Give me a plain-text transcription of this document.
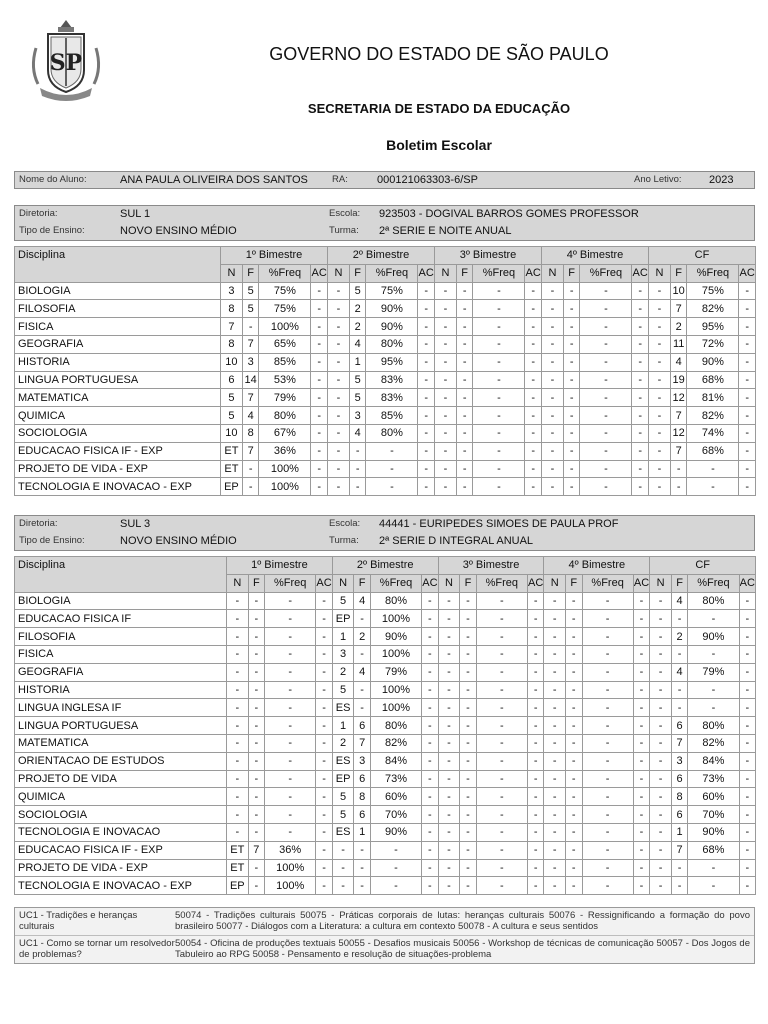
SP	GOVERNO DO ESTADO DE SÃO PAULO
SECRETARIA DE ESTADO DA EDUCAÇÃO
Boletim Escolar
Nome do Aluno:	ANA PAULA OLIVEIRA DOS SANTOS	RA:	000121063303-6/SP	Ano Letivo: 2023
Diretoria:	SUL 1	Escola: 923503 - DOGIVAL BARROS GOMES PROFESSOR
Tipo de Ensino:	NOVO ENSINO MÉDIO	Turma: 2ª SERIE E NOITE ANUAL
Disciplina	1º Bimestre				2º Bimestre				3º Bimestre				4º Bimestre				CF			
	N	F	%Freq	AC	N	F	%Freq	AC	N	F	%Freq	AC	N	F	%Freq	AC	N	F	%Freq	AC
BIOLOGIA	3	5	75%	-	-	5	75%	-	-	-	-	-	-	-	-	-	-	10	75%	-
FILOSOFIA	8	5	75%	-	-	2	90%	-	-	-	-	-	-	-	-	-	-	7	82%	-
FISICA	7	-	100%	-	-	2	90%	-	-	-	-	-	-	-	-	-	-	2	95%	-
GEOGRAFIA	8	7	65%	-	-	4	80%	-	-	-	-	-	-	-	-	-	-	11	72%	-
HISTORIA	10	3	85%	-	-	1	95%	-	-	-	-	-	-	-	-	-	-	4	90%	-
LINGUA PORTUGUESA	6	14	53%	-	-	5	83%	-	-	-	-	-	-	-	-	-	-	19	68%	-
MATEMATICA	5	7	79%	-	-	5	83%	-	-	-	-	-	-	-	-	-	-	12	81%	-
QUIMICA	5	4	80%	-	-	3	85%	-	-	-	-	-	-	-	-	-	-	7	82%	-
SOCIOLOGIA	10	8	67%	-	-	4	80%	-	-	-	-	-	-	-	-	-	-	12	74%	-
EDUCACAO FISICA IF - EXP	ET	7	36%	-	-	-	-	-	-	-	-	-	-	-	-	-	-	7	68%	-
PROJETO DE VIDA - EXP	ET	-	100%	-	-	-	-	-	-	-	-	-	-	-	-	-	-	-	-	-
TECNOLOGIA E INOVACAO - EXP	EP	-	100%	-	-	-	-	-	-	-	-	-	-	-	-	-	-	-	-	-
Diretoria:	SUL 3	Escola: 44441 - EURIPEDES SIMOES DE PAULA PROF
Tipo de Ensino:	NOVO ENSINO MÉDIO	Turma: 2ª SERIE D INTEGRAL ANUAL
Disciplina	1º Bimestre				2º Bimestre				3º Bimestre				4º Bimestre				CF			
	N	F	%Freq	AC	N	F	%Freq	AC	N	F	%Freq	AC	N	F	%Freq	AC	N	F	%Freq	AC
BIOLOGIA	-	-	-	-	5	4	80%	-	-	-	-	-	-	-	-	-	-	4	80%	-
EDUCACAO FISICA IF	-	-	-	-	EP	-	100%	-	-	-	-	-	-	-	-	-	-	-	-	-
FILOSOFIA	-	-	-	-	1	2	90%	-	-	-	-	-	-	-	-	-	-	2	90%	-
FISICA	-	-	-	-	3	-	100%	-	-	-	-	-	-	-	-	-	-	-	-	-
GEOGRAFIA	-	-	-	-	2	4	79%	-	-	-	-	-	-	-	-	-	-	4	79%	-
HISTORIA	-	-	-	-	5	-	100%	-	-	-	-	-	-	-	-	-	-	-	-	-
LINGUA INGLESA IF	-	-	-	-	ES	-	100%	-	-	-	-	-	-	-	-	-	-	-	-	-
LINGUA PORTUGUESA	-	-	-	-	1	6	80%	-	-	-	-	-	-	-	-	-	-	6	80%	-
MATEMATICA	-	-	-	-	2	7	82%	-	-	-	-	-	-	-	-	-	-	7	82%	-
ORIENTACAO DE ESTUDOS	-	-	-	-	ES	3	84%	-	-	-	-	-	-	-	-	-	-	3	84%	-
PROJETO DE VIDA	-	-	-	-	EP	6	73%	-	-	-	-	-	-	-	-	-	-	6	73%	-
QUIMICA	-	-	-	-	5	8	60%	-	-	-	-	-	-	-	-	-	-	8	60%	-
SOCIOLOGIA	-	-	-	-	5	6	70%	-	-	-	-	-	-	-	-	-	-	6	70%	-
TECNOLOGIA E INOVACAO	-	-	-	-	ES	1	90%	-	-	-	-	-	-	-	-	-	-	1	90%	-
EDUCACAO FISICA IF - EXP	ET	7	36%	-	-	-	-	-	-	-	-	-	-	-	-	-	-	7	68%	-
PROJETO DE VIDA - EXP	ET	-	100%	-	-	-	-	-	-	-	-	-	-	-	-	-	-	-	-	-
TECNOLOGIA E INOVACAO - EXP	EP	-	100%	-	-	-	-	-	-	-	-	-	-	-	-	-	-	-	-	-
UC1 - Tradições e heranças culturais
50074 - Tradições culturais 50075 - Práticas corporais de lutas: heranças culturais 50076 - Ressignificando a formação do povo brasileiro 50077 - Diálogos com a Literatura: a cultura em contexto 50078 - A cultura e seus sentidos
UC1 - Como se tornar um resolvedor de problemas?
50054 - Oficina de produções textuais 50055 - Desafios musicais 50056 - Workshop de técnicas de comunicação 50057 - Dos Jogos de Tabuleiro ao RPG 50058 - Pensamento e resolução de situações-problema
